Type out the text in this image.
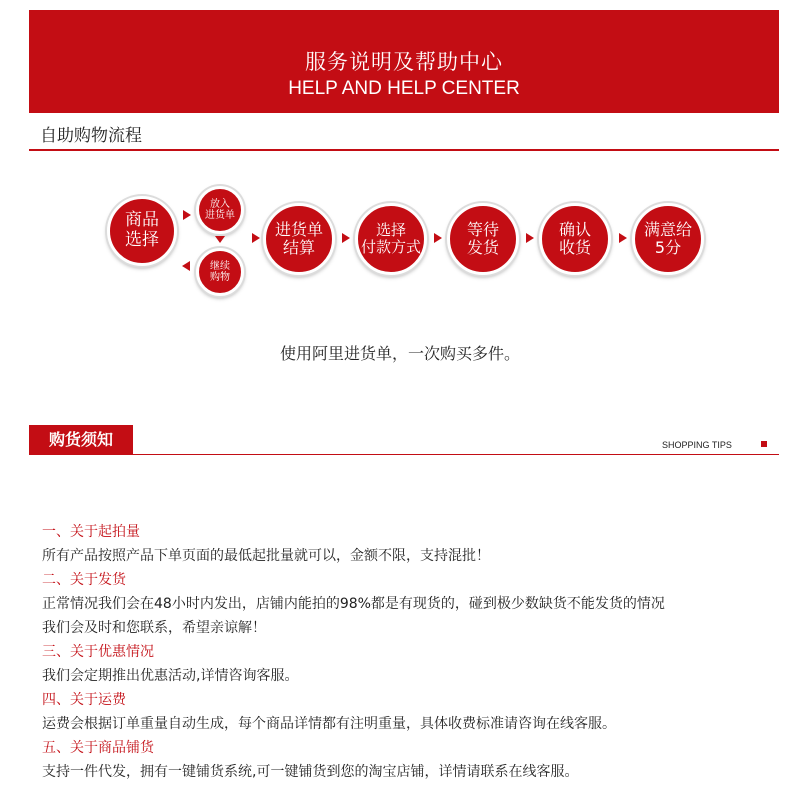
服务说明及帮助中心
HELP AND HELP CENTER
自助购物流程
商品
选择
放入
进货单
继续
购物
进货单
结算
选择
付款方式
等待
发货
确认
收货
满意给
5分
使用阿里进货单，一次购买多件。
购货须知	SHOPPING TIPS
一、关于起拍量
所有产品按照产品下单页面的最低起批量就可以，金额不限，支持混批！
二、关于发货
正常情况我们会在48小时内发出，店铺内能拍的98%都是有现货的，碰到极少数缺货不能发货的情况
我们会及时和您联系，希望亲谅解！
三、关于优惠情况
我们会定期推出优惠活动,详情咨询客服。
四、关于运费
运费会根据订单重量自动生成，每个商品详情都有注明重量，具体收费标准请咨询在线客服。
五、关于商品铺货
支持一件代发，拥有一键铺货系统,可一键铺货到您的淘宝店铺，详情请联系在线客服。
